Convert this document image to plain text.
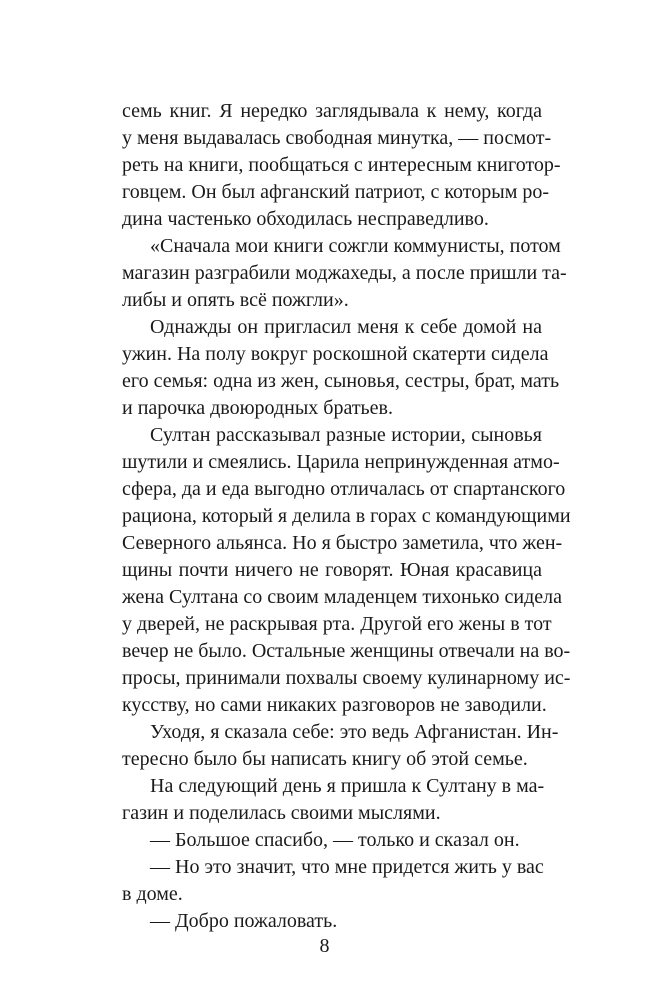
семь книг. Я нередко заглядывала к нему, когда
у меня выдавалась свободная минутка, — посмот-
реть на книги, пообщаться с интересным книготор-
говцем. Он был афганский патриот, с которым ро-
дина частенько обходилась несправедливо.
«Сначала мои книги сожгли коммунисты, потом
магазин разграбили моджахеды, а после пришли та-
либы и опять всё пожгли».
Однажды он пригласил меня к себе домой на
ужин. На полу вокруг роскошной скатерти сидела
его семья: одна из жен, сыновья, сестры, брат, мать
и парочка двоюродных братьев.
Султан рассказывал разные истории, сыновья
шутили и смеялись. Царила непринужденная атмо-
сфера, да и еда выгодно отличалась от спартанского
рациона, который я делила в горах с командующими
Северного альянса. Но я быстро заметила, что жен-
щины почти ничего не говорят. Юная красавица
жена Султана со своим младенцем тихонько сидела
у дверей, не раскрывая рта. Другой его жены в тот
вечер не было. Остальные женщины отвечали на во-
просы, принимали похвалы своему кулинарному ис-
кусству, но сами никаких разговоров не заводили.
Уходя, я сказала себе: это ведь Афганистан. Ин-
тересно было бы написать книгу об этой семье.
На следующий день я пришла к Султану в ма-
газин и поделилась своими мыслями.
— Большое спасибо, — только и сказал он.
— Но это значит, что мне придется жить у вас
в доме.
— Добро пожаловать.
8
